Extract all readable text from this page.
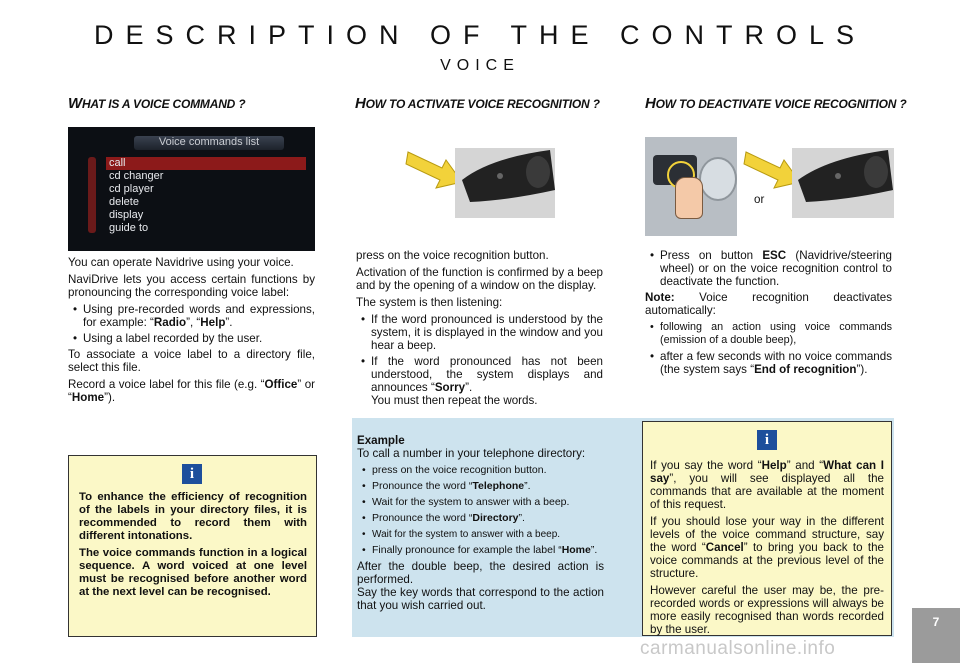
DESCRIPTION OF THE CONTROLS
VOICE
WHAT IS A VOICE COMMAND ?	HOW TO ACTIVATE VOICE RECOGNITION ?	HOW TO DEACTIVATE VOICE RECOGNITION ?
Voice commands list
call
cd changer
cd player
delete
display
guide to

You can operate Navidrive using your voice.

NaviDrive lets you access certain functions by pronouncing the corresponding voice label:

• Using pre-recorded words and expressions, for example: “Radio”, “Help”.
• Using a label recorded by the user.

To associate a voice label to a directory file, select this file.

Record a voice label for this file (e.g. “Office” or “Home”).

i

To enhance the efficiency of recognition of the labels in your directory files, it is recommended to record them with different intonations.

The voice commands function in a logical sequence. A word voiced at one level must be recognised before another word at the next level can be recognised.

or

press on the voice recognition button.

Activation of the function is confirmed by a beep and by the opening of a window on the display.

The system is then listening:

• If the word pronounced is understood by the system, it is displayed in the window and you hear a beep.
• If the word pronounced has not been understood, the system displays and announces “Sorry”.
You must then repeat the words.
• Press on button ESC (Navidrive/steering wheel) or on the voice recognition control to deactivate the function.

Note: Voice recognition deactivates automatically:

• following an action using voice commands (emission of a double beep),
• after a few seconds with no voice commands (the system says “End of recognition”).
Example

To call a number in your telephone directory:

• press on the voice recognition button.
• Pronounce the word “Telephone”.
• Wait for the system to answer with a beep.
• Pronounce the word “Directory”.
• Wait for the system to answer with a beep.
• Finally pronounce for example the label “Home”.

After the double beep, the desired action is performed.

Say the key words that correspond to the action that you wish carried out.

i

If you say the word “Help” and “What can I say”, you will see displayed all the commands that are available at the moment of this request.

If you should lose your way in the different levels of the voice command structure, say the word “Cancel” to bring you back to the voice commands at the previous level of the structure.

However careful the user may be, the pre-recorded words or expressions will always be more easily recognised than words recorded by the user.

7
carmanualsonline.info
